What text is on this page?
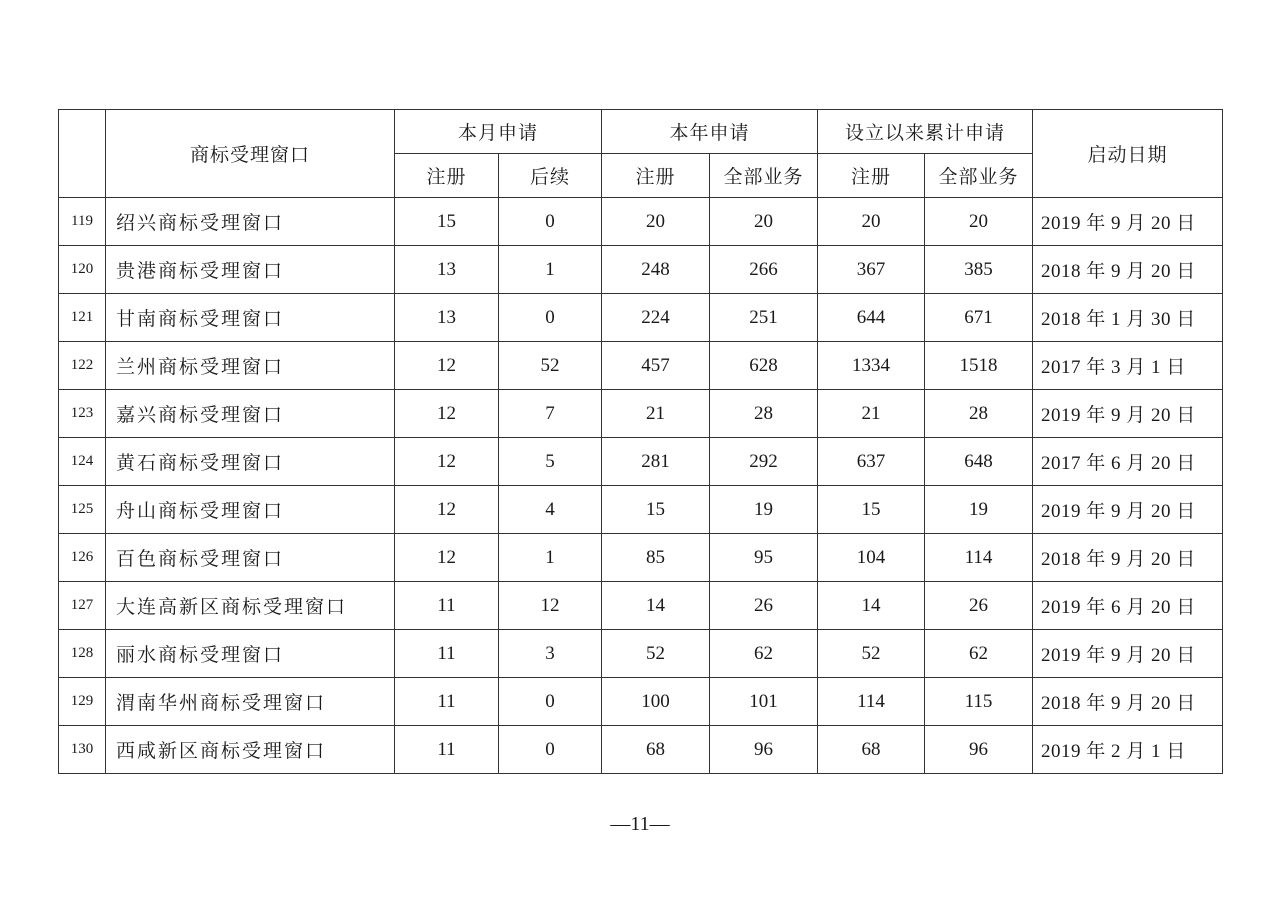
	商标受理窗口	本月申请		本年申请		设立以来累计申请		启动日期
		注册	后续	注册	全部业务	注册	全部业务	
119	绍兴商标受理窗口	15	0	20	20	20	20	2019 年 9 月 20 日
120	贵港商标受理窗口	13	1	248	266	367	385	2018 年 9 月 20 日
121	甘南商标受理窗口	13	0	224	251	644	671	2018 年 1 月 30 日
122	兰州商标受理窗口	12	52	457	628	1334	1518	2017 年 3 月 1 日
123	嘉兴商标受理窗口	12	7	21	28	21	28	2019 年 9 月 20 日
124	黄石商标受理窗口	12	5	281	292	637	648	2017 年 6 月 20 日
125	舟山商标受理窗口	12	4	15	19	15	19	2019 年 9 月 20 日
126	百色商标受理窗口	12	1	85	95	104	114	2018 年 9 月 20 日
127	大连高新区商标受理窗口	11	12	14	26	14	26	2019 年 6 月 20 日
128	丽水商标受理窗口	11	3	52	62	52	62	2019 年 9 月 20 日
129	渭南华州商标受理窗口	11	0	100	101	114	115	2018 年 9 月 20 日
130	西咸新区商标受理窗口	11	0	68	96	68	96	2019 年 2 月 1 日
—11—
